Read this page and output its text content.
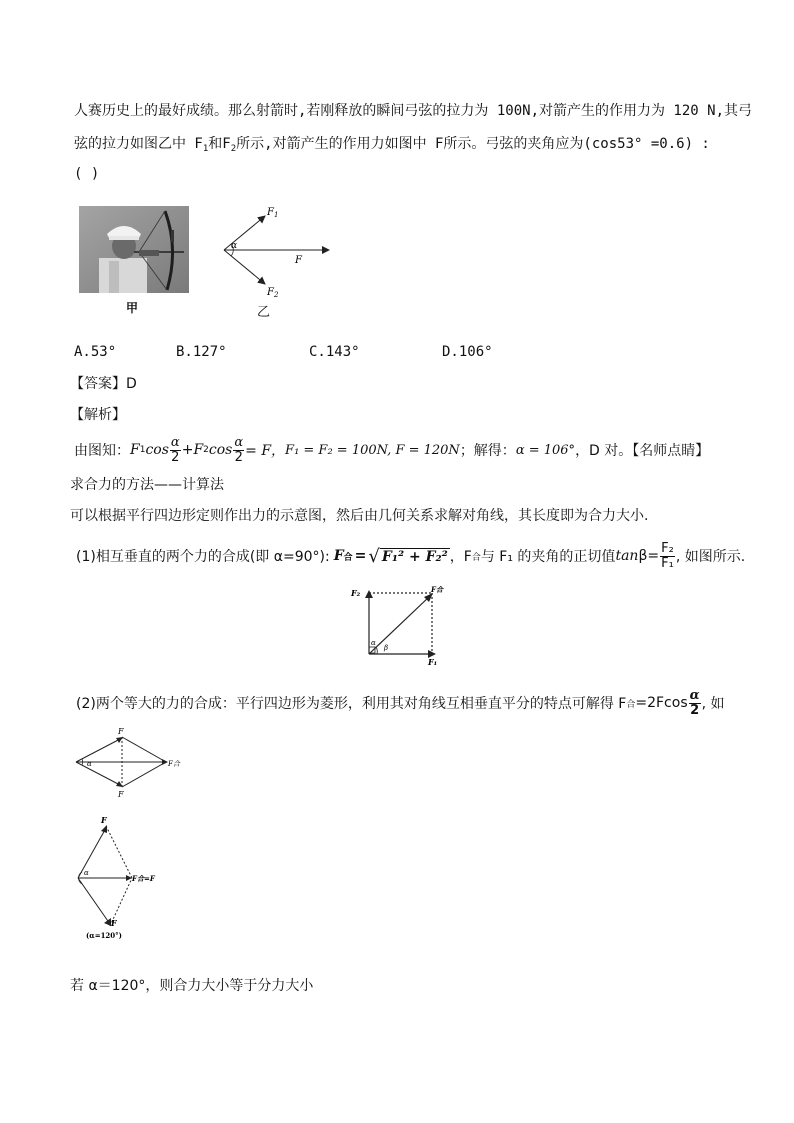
人赛历史上的最好成绩。那么射箭时,若刚释放的瞬间弓弦的拉力为 100N,对箭产生的作用力为 120 N,其弓
弦的拉力如图乙中 $F_1$和$F_2$所示,对箭产生的作用力如图中 F所示。弓弦的夹角应为(cos53° =0.6) :
( )
甲
$F_1$
$F_2$
F
α
乙
A.53°	B.127°	C.143°	D.106°
【答案】D
【解析】
由图知： F 1 $\cos \frac{\alpha}{2} + F$ 2 $\cos \frac{\alpha}{2} = F$， F₁ = F₂ = 100N, F = 120N ；解得： α = 106° ，D 对。【名师点睛】
求合力的方法——计算法
可以根据平行四边形定则作出力的示意图，然后由几何关系求解对角线，其长度即为合力大小.
(1)相互垂直的两个力的合成(即 α=90°): F 合 = √ F₁² + F₂² ，F 合 与 F₁ 的夹角的正切值 $\tan \beta= \frac{\text{F₂}}{\text{F₁}}$ , 如图所示.
F₂	F合
F₁
α
β
(2)两个等大的力的合成：平行四边形为菱形，利用其对角线互相垂直平分的特点可解得 F 合 $=2Fcos \frac{\alpha}{2}$ , 如
F
F
α	F合
F
F
α
F合=F
(α=120°)
若 α＝120°，则合力大小等于分力大小
